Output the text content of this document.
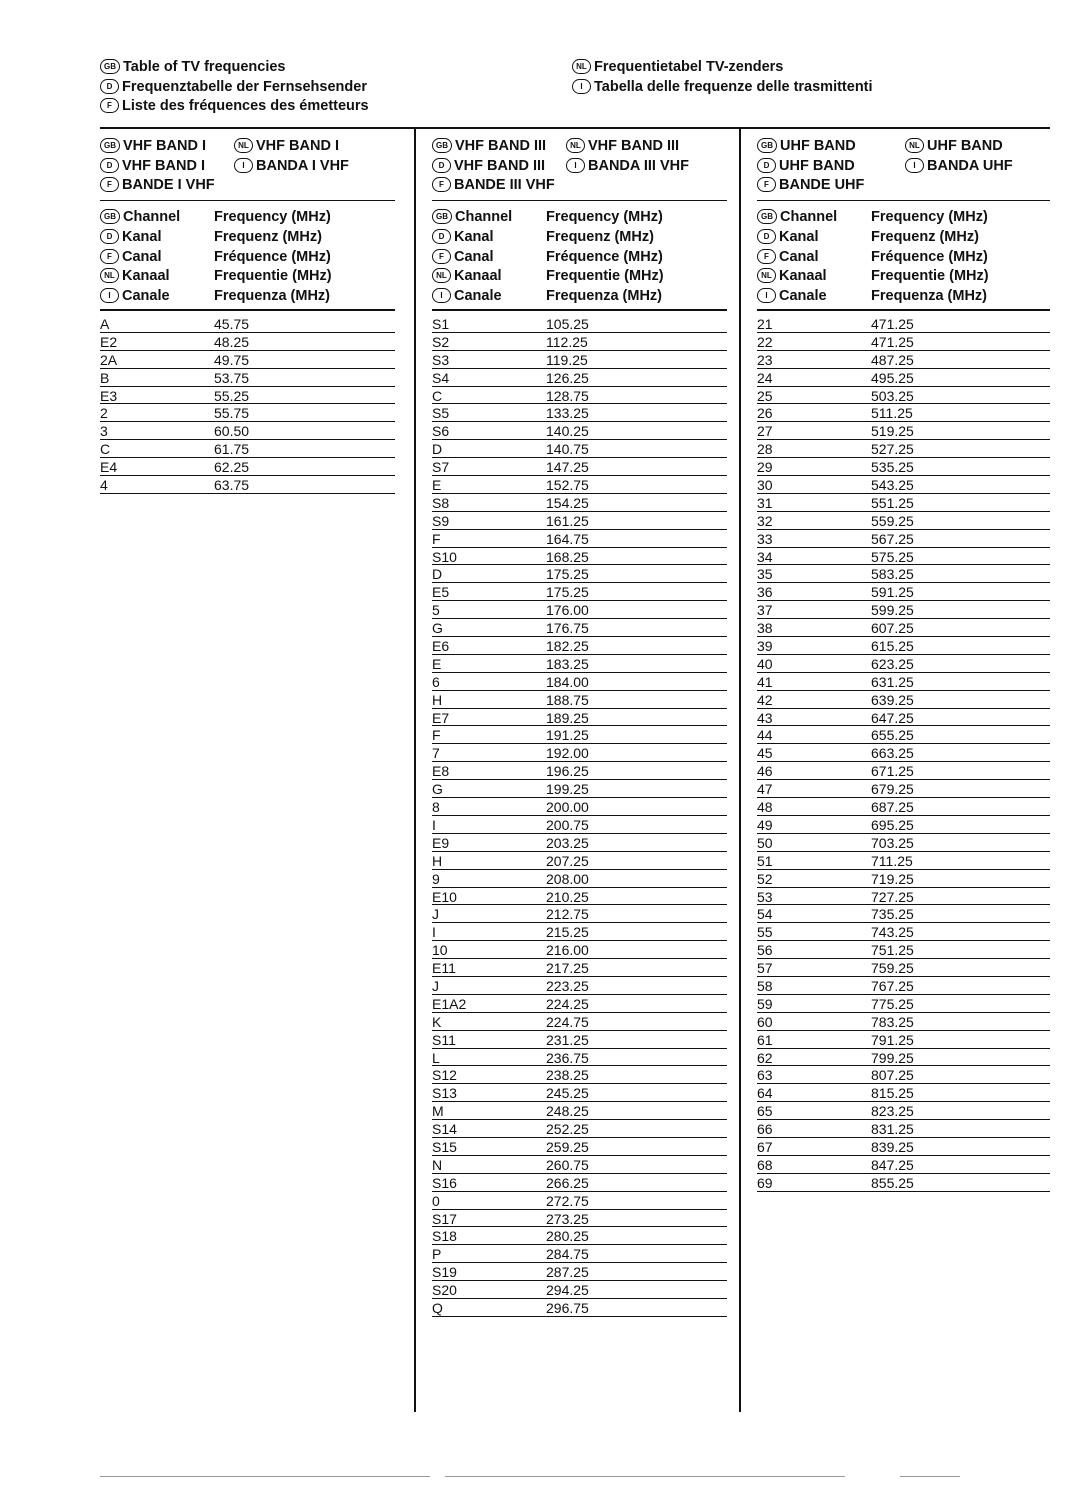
GB Table of TV frequencies
D Frequenztabelle der Fernsehsender
F Liste des fréquences des émetteurs
NL Frequentietabel TV-zenders
I Tabella delle frequenze delle trasmittenti
GB VHF BAND I	NL VHF BAND I
D VHF BAND I	I BANDA I VHF
F BANDE I VHF
GB Channel Frequency (MHz)
D Kanal	Frequenz (MHz)
F Canal	Fréquence (MHz)
NL Kanaal	Frequentie (MHz)
I Canale	Frequenza (MHz)
A	45.75
E2	48.25
2A	49.75
B	53.75
E3	55.25
2	55.75
3	60.50
C	61.75
E4	62.25
4	63.75
GB VHF BAND III	NL VHF BAND III
D VHF BAND III	I BANDA III VHF
F BANDE III VHF
GB Channel Frequency (MHz)
D Kanal	Frequenz (MHz)
F Canal	Fréquence (MHz)
NL Kanaal	Frequentie (MHz)
I Canale	Frequenza (MHz)
S1	105.25
S2	112.25
S3	119.25
S4	126.25
C	128.75
S5	133.25
S6	140.25
D	140.75
S7	147.25
E	152.75
S8	154.25
S9	161.25
F	164.75
S10	168.25
D	175.25
E5	175.25
5	176.00
G	176.75
E6	182.25
E	183.25
6	184.00
H	188.75
E7	189.25
F	191.25
7	192.00
E8	196.25
G	199.25
8	200.00
I	200.75
E9	203.25
H	207.25
9	208.00
E10	210.25
J	212.75
I	215.25
10	216.00
E11	217.25
J	223.25
E1A2	224.25
K	224.75
S11	231.25
L	236.75
S12	238.25
S13	245.25
M	248.25
S14	252.25
S15	259.25
N	260.75
S16	266.25
0	272.75
S17	273.25
S18	280.25
P	284.75
S19	287.25
S20	294.25
Q	296.75
GB UHF BAND	NL UHF BAND
D UHF BAND	I BANDA UHF
F BANDE UHF
GB Channel Frequency (MHz)
D Kanal	Frequenz (MHz)
F Canal	Fréquence (MHz)
NL Kanaal	Frequentie (MHz)
I Canale	Frequenza (MHz)
21	471.25
22	471.25
23	487.25
24	495.25
25	503.25
26	511.25
27	519.25
28	527.25
29	535.25
30	543.25
31	551.25
32	559.25
33	567.25
34	575.25
35	583.25
36	591.25
37	599.25
38	607.25
39	615.25
40	623.25
41	631.25
42	639.25
43	647.25
44	655.25
45	663.25
46	671.25
47	679.25
48	687.25
49	695.25
50	703.25
51	711.25
52	719.25
53	727.25
54	735.25
55	743.25
56	751.25
57	759.25
58	767.25
59	775.25
60	783.25
61	791.25
62	799.25
63	807.25
64	815.25
65	823.25
66	831.25
67	839.25
68	847.25
69	855.25
